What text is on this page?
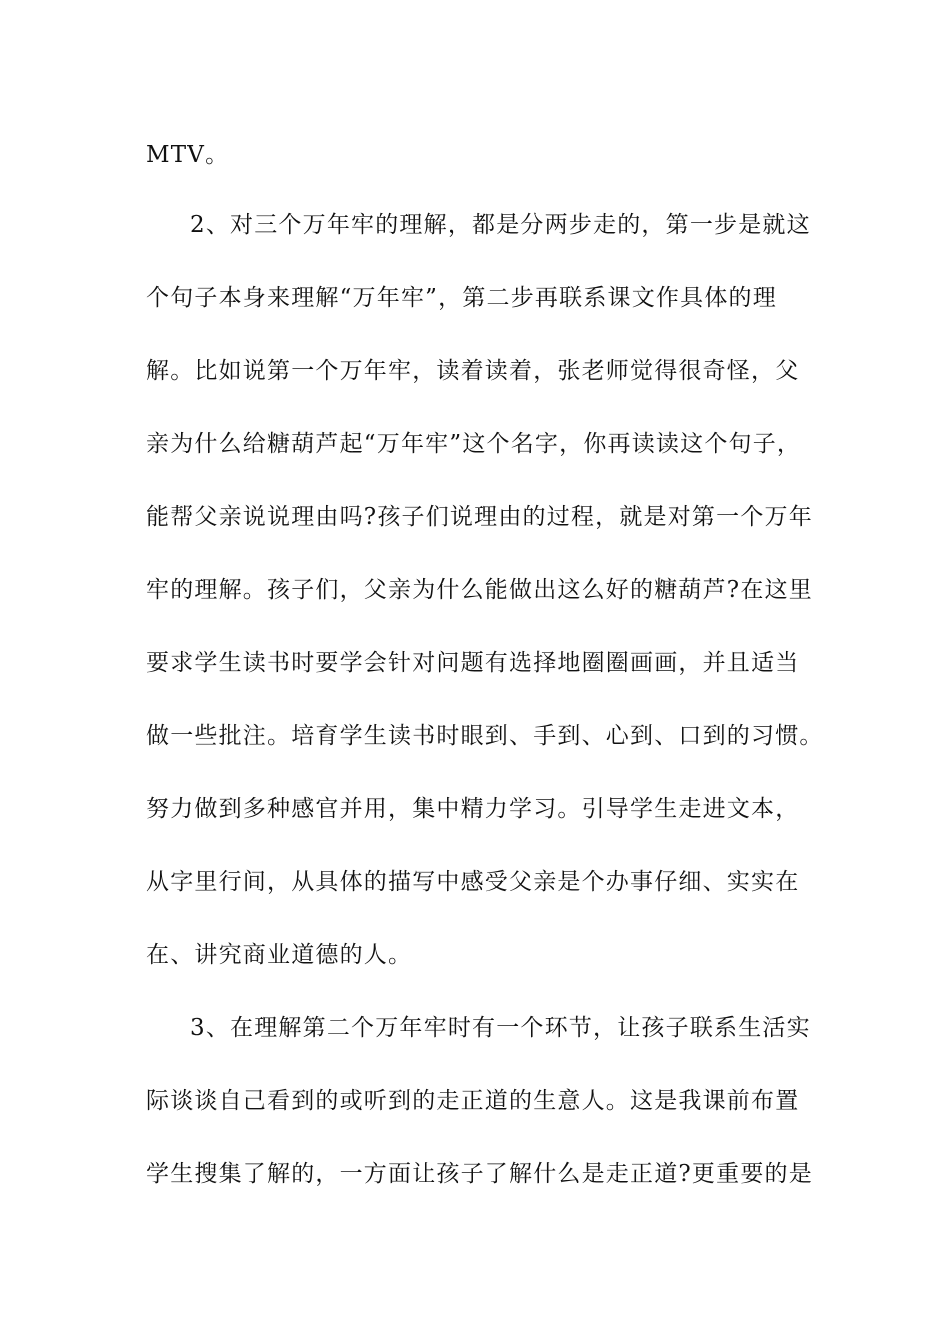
MTV。
2、对三个万年牢的理解，都是分两步走的，第一步是就这
个句子本身来理解“万年牢”，第二步再联系课文作具体的理
解。比如说第一个万年牢，读着读着，张老师觉得很奇怪，父
亲为什么给糖葫芦起“万年牢”这个名字，你再读读这个句子，
能帮父亲说说理由吗?孩子们说理由的过程，就是对第一个万年
牢的理解。孩子们，父亲为什么能做出这么好的糖葫芦?在这里
要求学生读书时要学会针对问题有选择地圈圈画画，并且适当
做一些批注。培育学生读书时眼到、手到、心到、口到的习惯。
努力做到多种感官并用，集中精力学习。引导学生走进文本，
从字里行间，从具体的描写中感受父亲是个办事仔细、实实在
在、讲究商业道德的人。
3、在理解第二个万年牢时有一个环节，让孩子联系生活实
际谈谈自己看到的或听到的走正道的生意人。这是我课前布置
学生搜集了解的，一方面让孩子了解什么是走正道?更重要的是
